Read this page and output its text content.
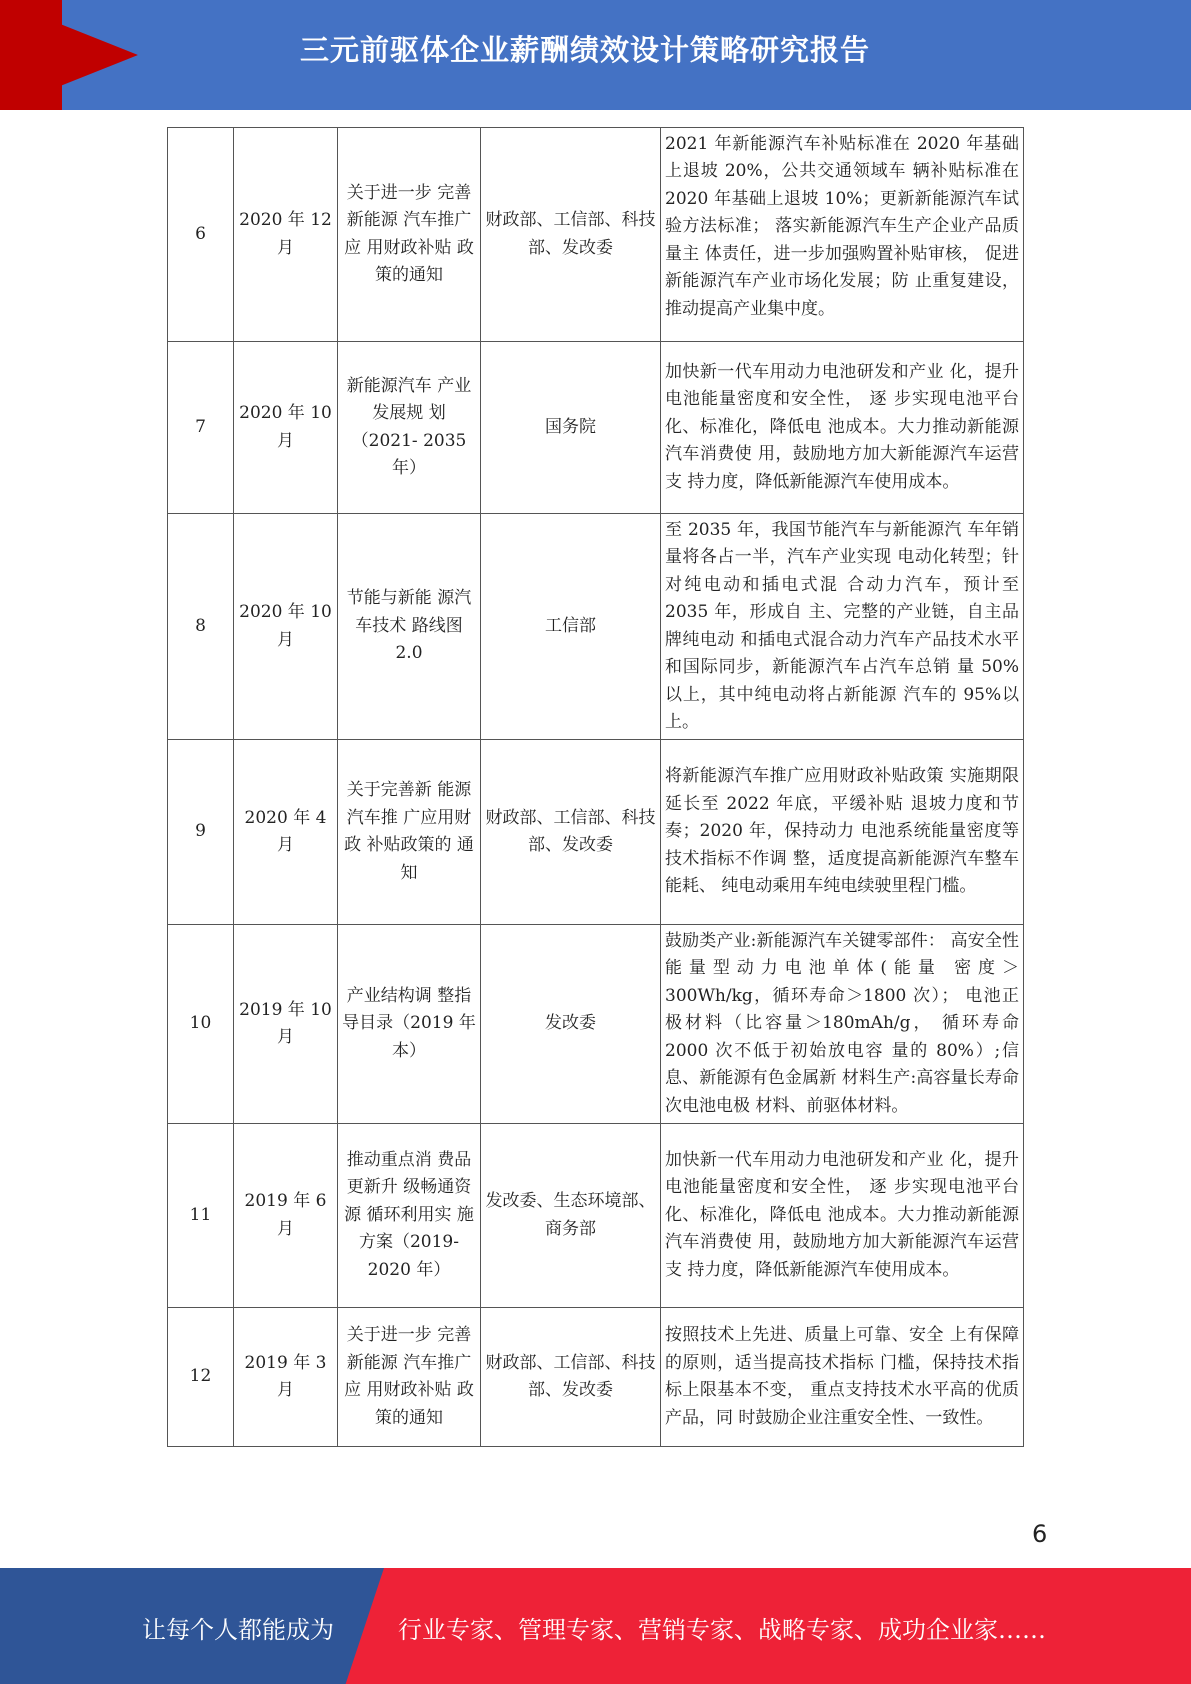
三元前驱体企业薪酬绩效设计策略研究报告
6	2020 年 12 月	关于进一步 完善新能源 汽车推广应 用财政补贴 政策的通知	财政部、工信部、科技部、发改委	2021 年新能源汽车补贴标准在 2020 年基础上退坡 20%，公共交通领域车 辆补贴标准在 2020 年基础上退坡 10%；更新新能源汽车试验方法标准； 落实新能源汽车生产企业产品质量主 体责任，进一步加强购置补贴审核， 促进新能源汽车产业市场化发展；防 止重复建设，推动提高产业集中度。

7	2020 年 10 月	新能源汽车 产业发展规 划（2021- 2035 年）	国务院	加快新一代车用动力电池研发和产业 化，提升电池能量密度和安全性， 逐 步实现电池平台化、标准化，降低电 池成本。大力推动新能源汽车消费使 用，鼓励地方加大新能源汽车运营支 持力度，降低新能源汽车使用成本。
8	2020 年 10 月	节能与新能 源汽车技术 路线图 2.0	工信部	至 2035 年，我国节能汽车与新能源汽 车年销量将各占一半，汽车产业实现 电动化转型；针对纯电动和插电式混 合动力汽车，预计至 2035 年，形成自 主、完整的产业链，自主品牌纯电动 和插电式混合动力汽车产品技术水平 和国际同步，新能源汽车占汽车总销 量 50%以上，其中纯电动将占新能源 汽车的 95%以上。
9	2020 年 4 月	关于完善新 能源汽车推 广应用财政 补贴政策的 通知	财政部、工信部、科技部、发改委	将新能源汽车推广应用财政补贴政策 实施期限延长至 2022 年底，平缓补贴 退坡力度和节奏；2020 年，保持动力 电池系统能量密度等技术指标不作调 整，适度提高新能源汽车整车能耗、 纯电动乘用车纯电续驶里程门槛。
10	2019 年 10 月	产业结构调 整指导目录（2019 年本）	发改委	鼓励类产业:新能源汽车关键零部件： 高安全性能量型动力电池单体(能量 密度＞300Wh/kg，循环寿命＞1800 次）； 电池正极材料（比容量＞180mAh/g， 循环寿命 2000 次不低于初始放电容 量的 80%）;信息、新能源有色金属新 材料生产:高容量长寿命次电池电极 材料、前驱体材料。
11	2019 年 6 月	推动重点消 费品更新升 级畅通资源 循环利用实 施方案（2019-2020 年）	发改委、生态环境部、商务部	加快新一代车用动力电池研发和产业 化，提升电池能量密度和安全性， 逐 步实现电池平台化、标准化，降低电 池成本。大力推动新能源汽车消费使 用，鼓励地方加大新能源汽车运营支 持力度，降低新能源汽车使用成本。
12	2019 年 3 月	关于进一步 完善新能源 汽车推广应 用财政补贴 政策的通知	财政部、工信部、科技部、发改委	按照技术上先进、质量上可靠、安全 上有保障的原则，适当提高技术指标 门槛，保持技术指标上限基本不变， 重点支持技术水平高的优质产品，同 时鼓励企业注重安全性、一致性。
6
让每个人都能成为	行业专家、管理专家、营销专家、战略专家、成功企业家……
